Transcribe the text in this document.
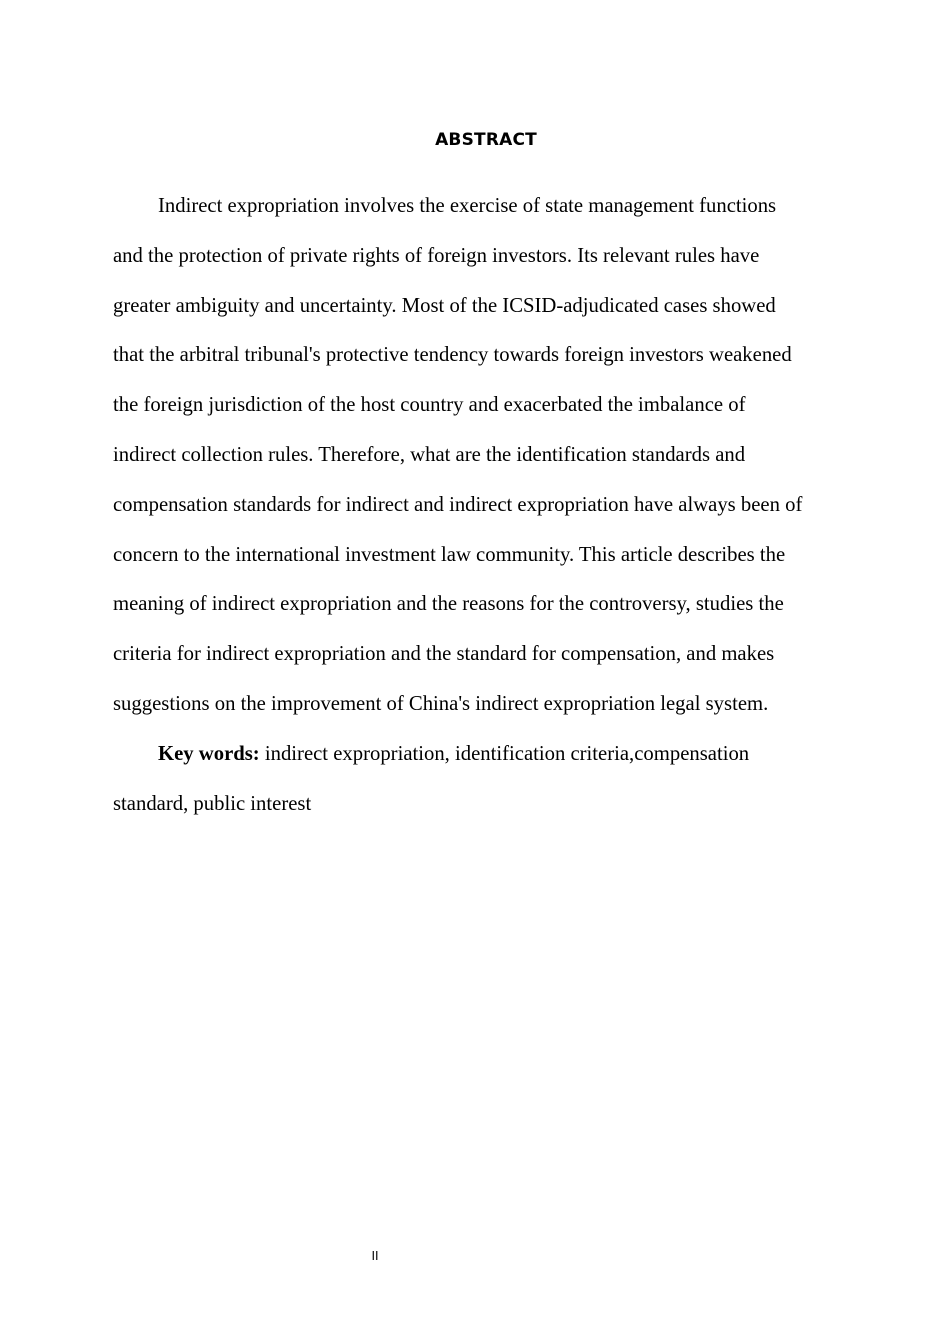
ABSTRACT
Indirect expropriation involves the exercise of state management functions
and the protection of private rights of foreign investors. Its relevant rules have
greater ambiguity and uncertainty. Most of the ICSID-adjudicated cases showed
that the arbitral tribunal's protective tendency towards foreign investors weakened
the foreign jurisdiction of the host country and exacerbated the imbalance of
indirect collection rules. Therefore, what are the identification standards and
compensation standards for indirect and indirect expropriation have always been of
concern to the international investment law community. This article describes the
meaning of indirect expropriation and the reasons for the controversy, studies the
criteria for indirect expropriation and the standard for compensation, and makes
suggestions on the improvement of China's indirect expropriation legal system.
Key words: indirect expropriation, identification criteria,compensation
standard, public interest
II
